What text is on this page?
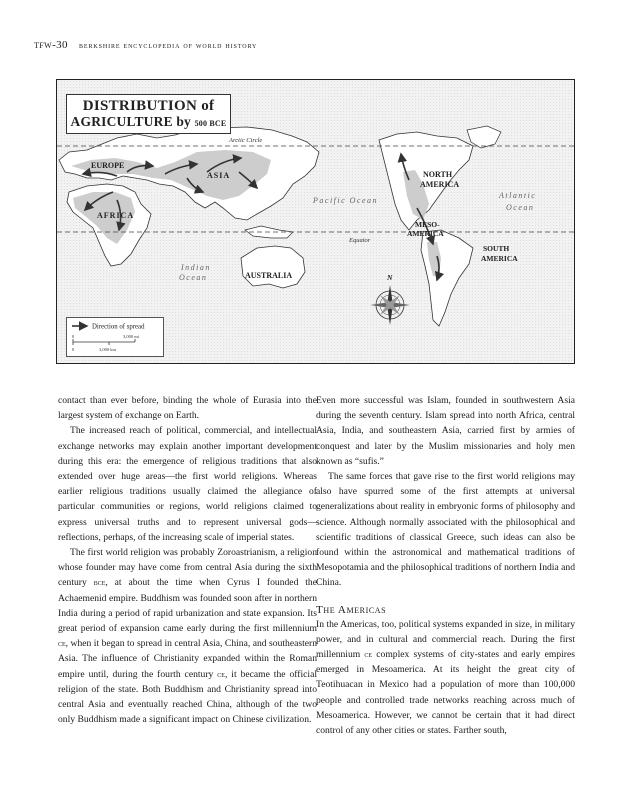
tfw-30 berkshire encyclopedia of world history
Arctic Circle
Equator
EUROPE
ASIA
AFRICA
AUSTRALIA
NORTH
AMERICA
MESO-
AMERICA
SOUTH
AMERICA
Pacific Ocean
Atlantic
Ocean
Indian
Ocean	N
DISTRIBUTION of
AGRICULTURE by 500 BCE
Direction of spread
0	3,000 mi
0	3,000 km

contact than ever before, binding the whole of Eurasia into the largest system of exchange on Earth.

The increased reach of political, commercial, and intellectual exchange networks may explain another important development during this era: the emergence of religious traditions that also extended over huge areas—the first world religions. Whereas earlier religious traditions usually claimed the allegiance of particular communities or regions, world religions claimed to express universal truths and to represent universal gods—reflections, perhaps, of the increasing scale of imperial states.

The first world religion was probably Zoroastrianism, a religion whose founder may have come from central Asia during the sixth century bce, at about the time when Cyrus I founded the Achaemenid empire. Buddhism was founded soon after in northern India during a period of rapid urbanization and state expansion. Its great period of expansion came early during the first millennium ce, when it began to spread in central Asia, China, and southeastern Asia. The influence of Christianity expanded within the Roman empire until, during the fourth century ce, it became the official religion of the state. Both Buddhism and Christianity spread into central Asia and eventually reached China, although of the two only Buddhism made a significant impact on Chinese civilization.

Even more successful was Islam, founded in southwestern Asia during the seventh century. Islam spread into north Africa, central Asia, India, and southeastern Asia, carried first by armies of conquest and later by the Muslim missionaries and holy men known as “sufis.”

The same forces that gave rise to the first world religions may also have spurred some of the first attempts at universal generalizations about reality in embryonic forms of philosophy and science. Although normally associated with the philosophical and scientific traditions of classical Greece, such ideas can also be found within the astronomical and mathematical traditions of Mesopotamia and the philosophical traditions of northern India and China.

The Americas

In the Americas, too, political systems expanded in size, in military power, and in cultural and commercial reach. During the first millennium ce complex systems of city-states and early empires emerged in Mesoamerica. At its height the great city of Teotihuacan in Mexico had a population of more than 100,000 people and controlled trade networks reaching across much of Mesoamerica. However, we cannot be certain that it had direct control of any other cities or states. Farther south,
